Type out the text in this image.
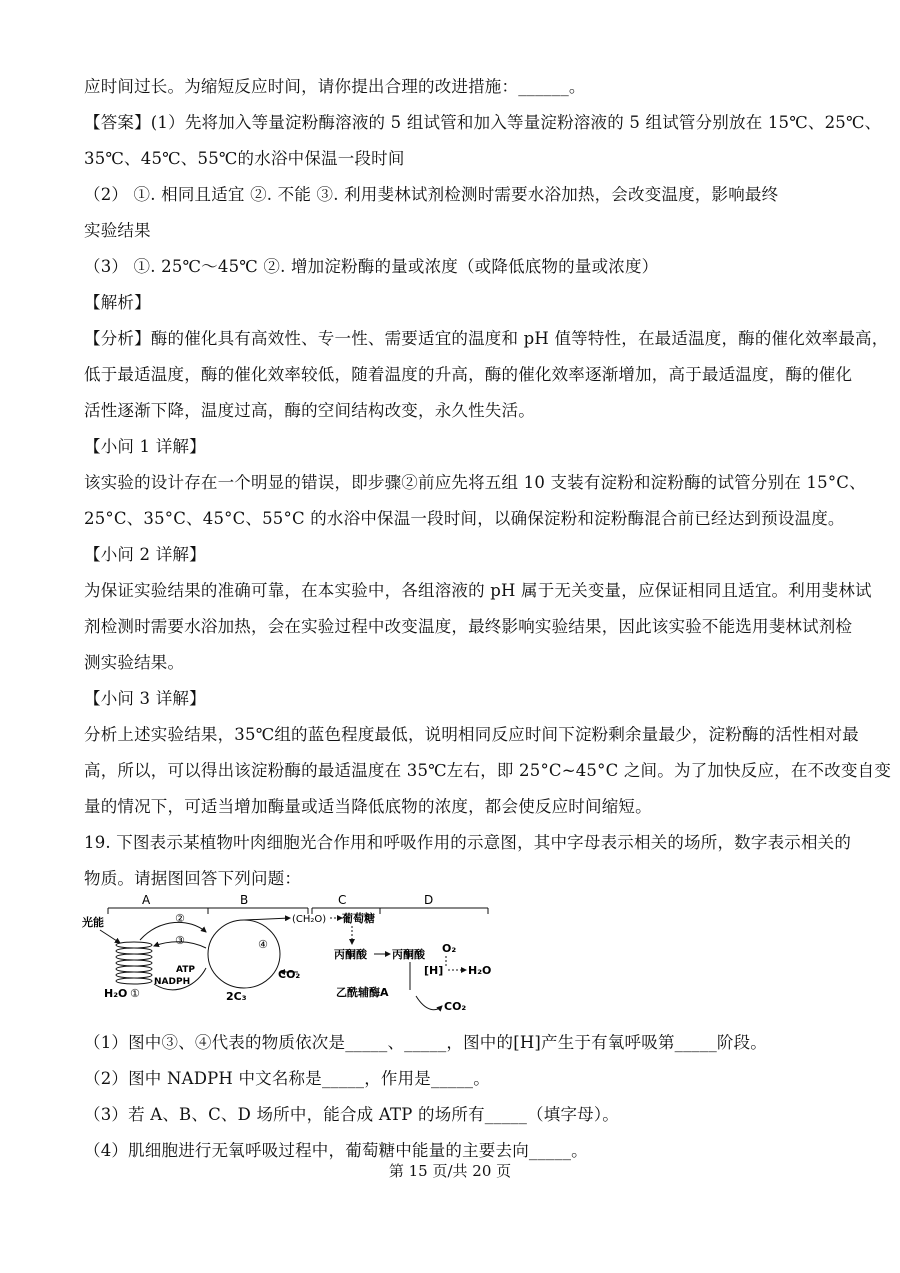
应时间过长。为缩短反应时间，请你提出合理的改进措施：______。
【答案】(1）先将加入等量淀粉酶溶液的 5 组试管和加入等量淀粉溶液的 5 组试管分别放在 15℃、25℃、
35℃、45℃、55℃的水浴中保温一段时间
（2） ①. 相同且适宜 ②. 不能 ③. 利用斐林试剂检测时需要水浴加热，会改变温度，影响最终
实验结果
（3） ①. 25℃～45℃ ②. 增加淀粉酶的量或浓度（或降低底物的量或浓度）
【解析】
【分析】酶的催化具有高效性、专一性、需要适宜的温度和 pH 值等特性，在最适温度，酶的催化效率最高，
低于最适温度，酶的催化效率较低，随着温度的升高，酶的催化效率逐渐增加，高于最适温度，酶的催化
活性逐渐下降，温度过高，酶的空间结构改变，永久性失活。
【小问 1 详解】
该实验的设计存在一个明显的错误，即步骤②前应先将五组 10 支装有淀粉和淀粉酶的试管分别在 15°C、
25°C、35°C、45°C、55°C 的水浴中保温一段时间，以确保淀粉和淀粉酶混合前已经达到预设温度。
【小问 2 详解】
为保证实验结果的准确可靠，在本实验中，各组溶液的 pH 属于无关变量，应保证相同且适宜。利用斐林试
剂检测时需要水浴加热，会在实验过程中改变温度，最终影响实验结果，因此该实验不能选用斐林试剂检
测实验结果。
【小问 3 详解】
分析上述实验结果，35℃组的蓝色程度最低，说明相同反应时间下淀粉剩余量最少，淀粉酶的活性相对最
高，所以，可以得出该淀粉酶的最适温度在 35℃左右，即 25°C~45°C 之间。为了加快反应，在不改变自变
量的情况下，可适当增加酶量或适当降低底物的浓度，都会使反应时间缩短。
19. 下图表示某植物叶肉细胞光合作用和呼吸作用的示意图，其中字母表示相关的场所，数字表示相关的
物质。请据图回答下列问题：
A	B	C	D
光能	②
③
ATP
NADPH
H₂O ①
(CH₂O)
④
CO₂
2C₃
葡萄糖
丙酮酸 丙酮酸 O₂
[H] H₂O
乙酰辅酶A
CO₂
（1）图中③、④代表的物质依次是_____、_____，图中的[H]产生于有氧呼吸第_____阶段。
（2）图中 NADPH 中文名称是_____，作用是_____。
（3）若 A、B、C、D 场所中，能合成 ATP 的场所有_____（填字母）。
（4）肌细胞进行无氧呼吸过程中，葡萄糖中能量的主要去向_____。
第 15 页/共 20 页
